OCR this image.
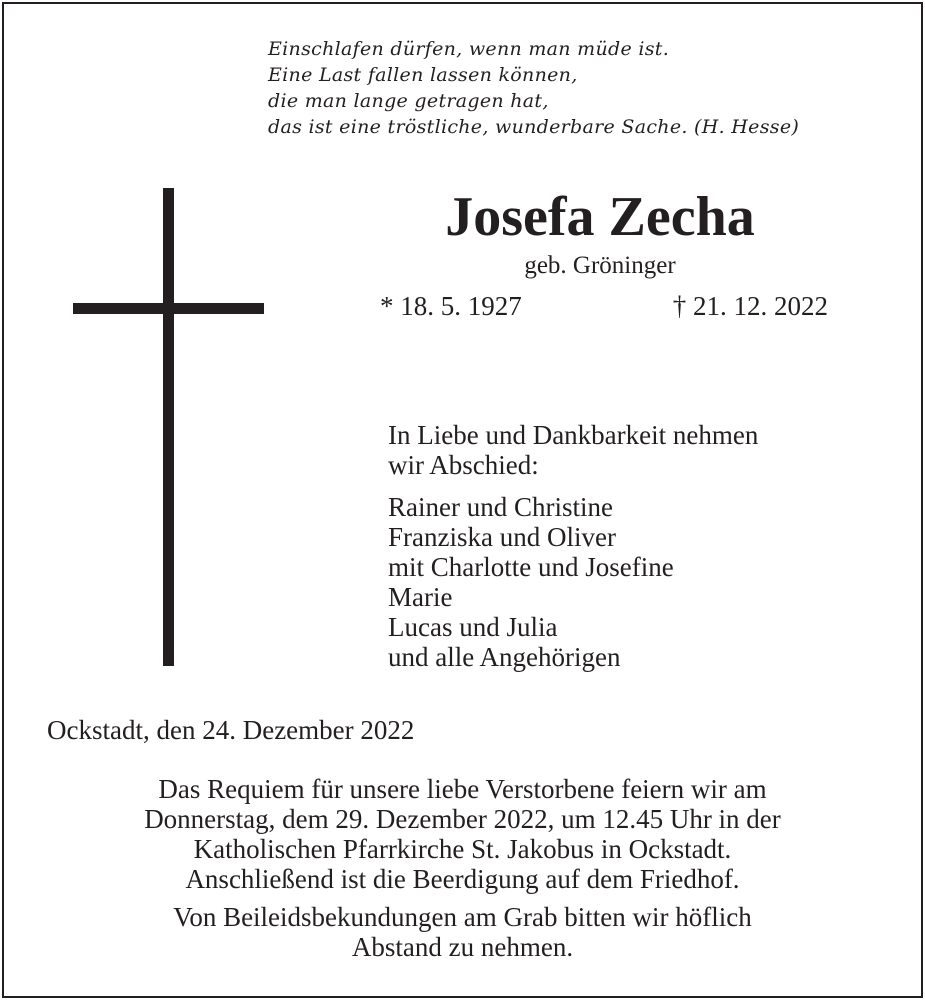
Einschlafen dürfen, wenn man müde ist.
Eine Last fallen lassen können,
die man lange getragen hat,
das ist eine tröstliche, wunderbare Sache. (H. Hesse)
Josefa Zecha
geb. Gröninger
* 18. 5. 1927	† 21. 12. 2022
In Liebe und Dankbarkeit nehmen
wir Abschied:
Rainer und Christine
Franziska und Oliver
mit Charlotte und Josefine
Marie
Lucas und Julia
und alle Angehörigen
Ockstadt, den 24. Dezember 2022
Das Requiem für unsere liebe Verstorbene feiern wir am
Donnerstag, dem 29. Dezember 2022, um 12.45 Uhr in der
Katholischen Pfarrkirche St. Jakobus in Ockstadt.
Anschließend ist die Beerdigung auf dem Friedhof.
Von Beileidsbekundungen am Grab bitten wir höflich
Abstand zu nehmen.
